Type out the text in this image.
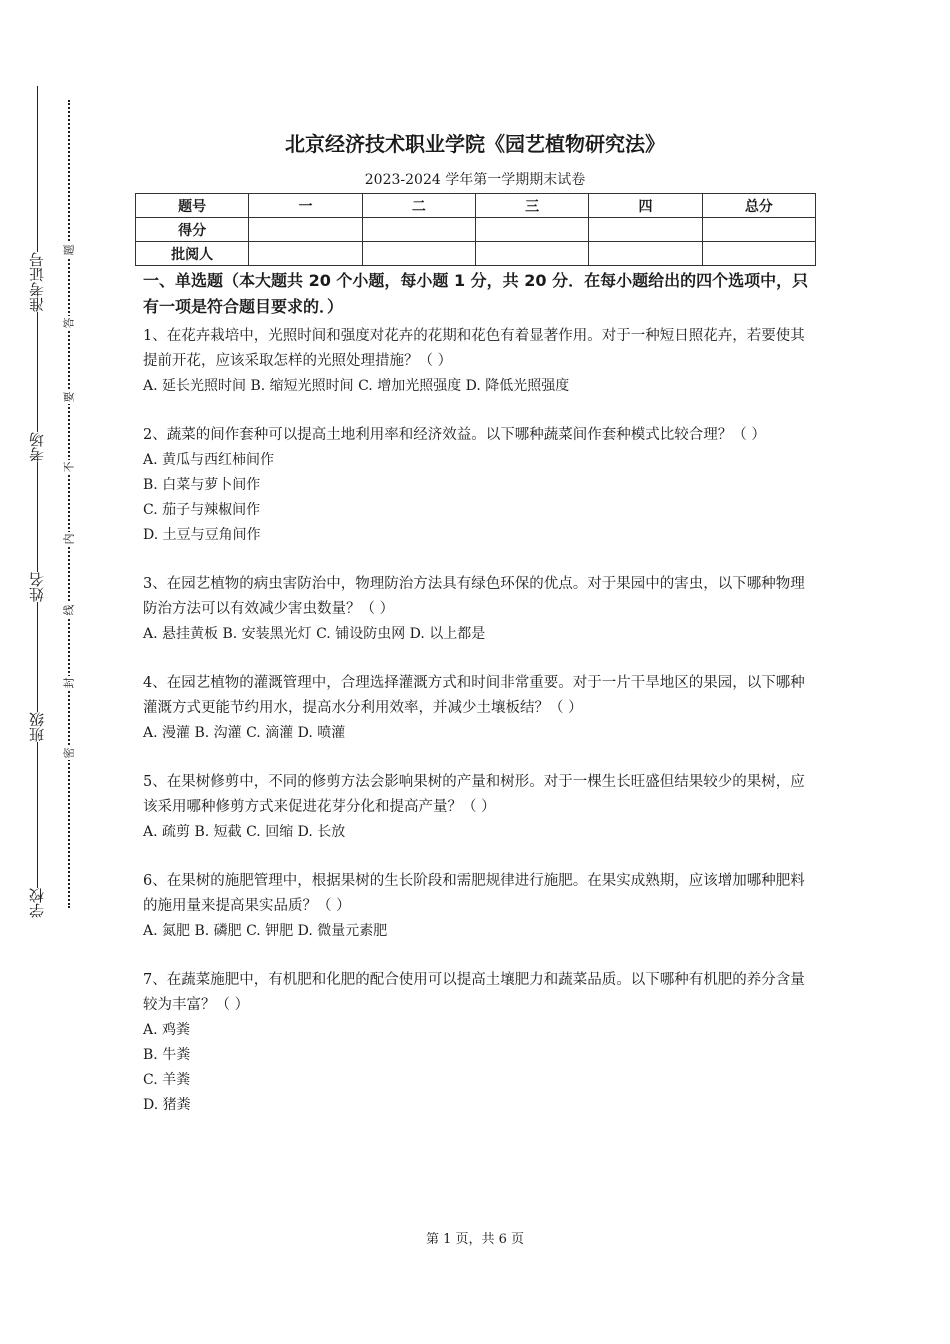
准考证号
考场
姓名
班级
学校
题
答
要
不
内
线
封
密
北京经济技术职业学院《园艺植物研究法》
2023-2024 学年第一学期期末试卷
题号	一	二	三	四	总分
得分					
批阅人					

一、单选题（本大题共 20 个小题，每小题 1 分，共 20 分．在每小题给出的四个选项中，只有一项是符合题目要求的．）

1、在花卉栽培中，光照时间和强度对花卉的花期和花色有着显著作用。对于一种短日照花卉，若要使其提前开花，应该采取怎样的光照处理措施？（ ）

A. 延长光照时间 B. 缩短光照时间 C. 增加光照强度 D. 降低光照强度

2、蔬菜的间作套种可以提高土地利用率和经济效益。以下哪种蔬菜间作套种模式比较合理？（ ）

A. 黄瓜与西红柿间作

B. 白菜与萝卜间作

C. 茄子与辣椒间作

D. 土豆与豆角间作

3、在园艺植物的病虫害防治中，物理防治方法具有绿色环保的优点。对于果园中的害虫，以下哪种物理防治方法可以有效减少害虫数量？（ ）

A. 悬挂黄板 B. 安装黑光灯 C. 铺设防虫网 D. 以上都是

4、在园艺植物的灌溉管理中，合理选择灌溉方式和时间非常重要。对于一片干旱地区的果园，以下哪种灌溉方式更能节约用水，提高水分利用效率，并减少土壤板结？（ ）

A. 漫灌 B. 沟灌 C. 滴灌 D. 喷灌

5、在果树修剪中，不同的修剪方法会影响果树的产量和树形。对于一棵生长旺盛但结果较少的果树，应该采用哪种修剪方式来促进花芽分化和提高产量？（ ）

A. 疏剪 B. 短截 C. 回缩 D. 长放

6、在果树的施肥管理中，根据果树的生长阶段和需肥规律进行施肥。在果实成熟期，应该增加哪种肥料的施用量来提高果实品质？（ ）

A. 氮肥 B. 磷肥 C. 钾肥 D. 微量元素肥

7、在蔬菜施肥中，有机肥和化肥的配合使用可以提高土壤肥力和蔬菜品质。以下哪种有机肥的养分含量较为丰富？（ ）

A. 鸡粪

B. 牛粪

C. 羊粪

D. 猪粪

第 1 页，共 6 页
